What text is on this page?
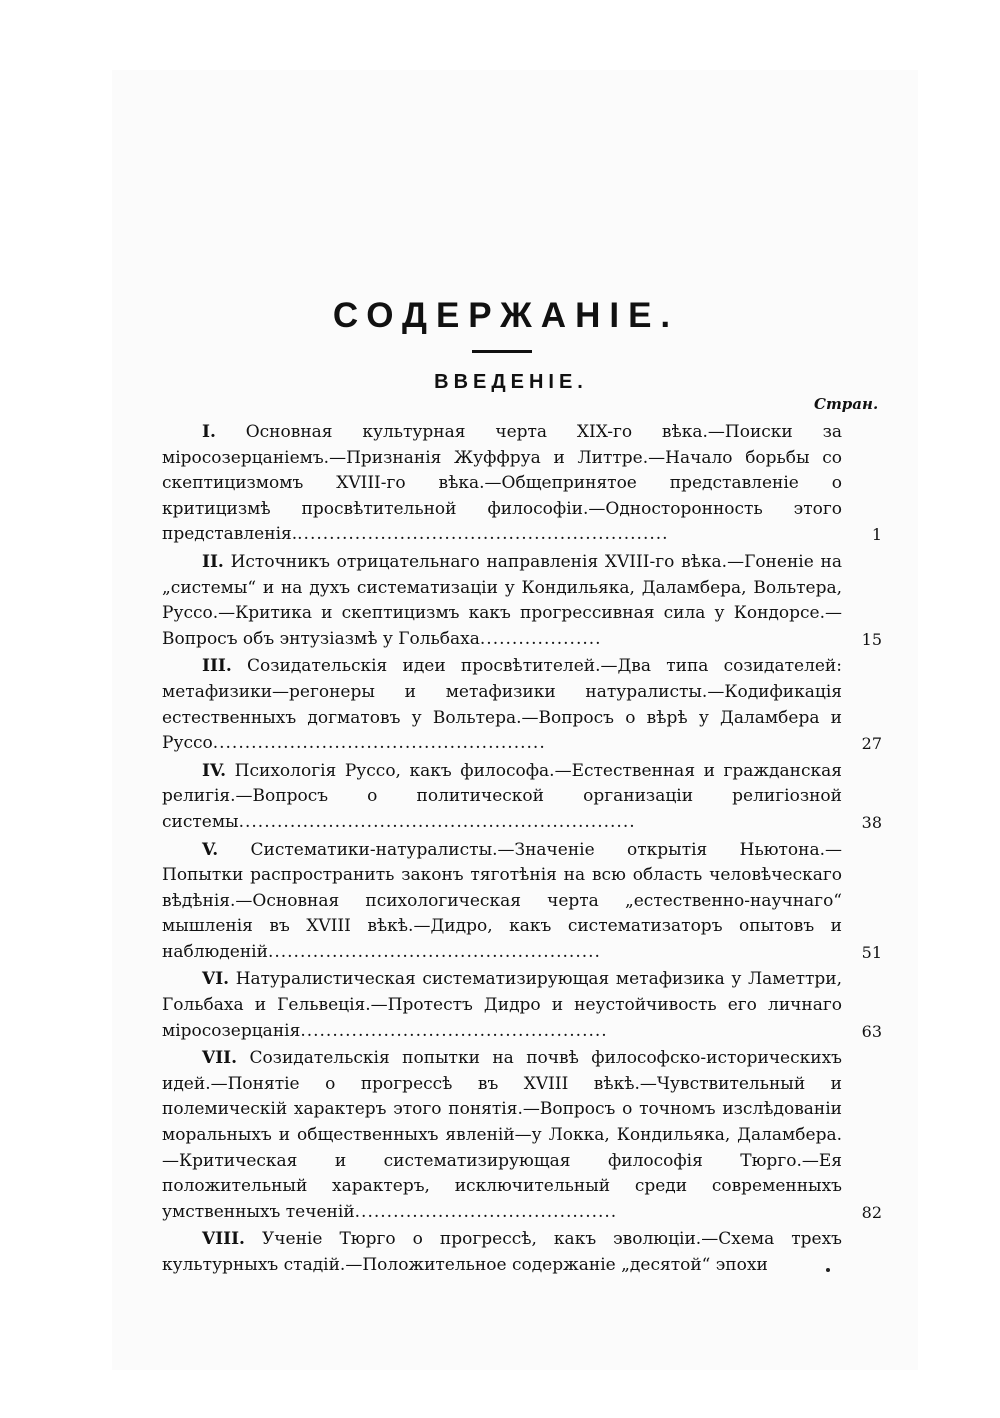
СОДЕРЖАНІЕ.
ВВЕДЕНІЕ.
Стран.

I. Основная культурная черта XIX-го вѣка.—Поиски за міросозерцаніемъ.—Признанія Жуффруа и Литтре.—Начало борьбы со скептицизмомъ XVIII-го вѣка.—Общепринятое представленіе о критицизмѣ просвѣтительной философіи.—Односторонность этого представленія...........................................................	1

II. Источникъ отрицательнаго направленія XVIII-го вѣка.—Гоненіе на „системы“ и на духъ систематизаціи у Кондильяка, Даламбера, Вольтера, Руссо.—Критика и скептицизмъ какъ прогрессивная сила у Кондорсе.—Вопросъ объ энтузіазмѣ у Гольбаха...................	15

III. Созидательскія идеи просвѣтителей.—Два типа созидателей: метафизики—регонеры и метафизики натуралисты.—Кодификація естественныхъ догматовъ у Вольтера.—Вопросъ о вѣрѣ у Даламбера и Руссо....................................................	27

IV. Психологія Руссо, какъ философа.—Естественная и гражданская религія.—Вопросъ о политической организаціи религіозной системы..............................................................	38

V. Систематики-натуралисты.—Значеніе открытія Ньютона.—Попытки распространить законъ тяготѣнія на всю область человѣческаго вѣдѣнія.—Основная психологическая черта „естественно-научнаго“ мышленія въ XVIII вѣкѣ.—Дидро, какъ систематизаторъ опытовъ и наблюденій....................................................	51

VI. Натуралистическая систематизирующая метафизика у Ламеттри, Гольбаха и Гельвеція.—Протестъ Дидро и неустойчивость его личнаго міросозерцанія................................................	63

VII. Созидательскія попытки на почвѣ философско-историческихъ идей.—Понятіе о прогрессѣ въ XVIII вѣкѣ.—Чувствительный и полемическій характеръ этого понятія.—Вопросъ о точномъ изслѣдованіи моральныхъ и общественныхъ явленій—у Локка, Кондильяка, Даламбера.—Критическая и систематизирующая философія Тюрго.—Ея положительный характеръ, исключительный среди современныхъ умственныхъ теченій.........................................	82

VIII. Ученіе Тюрго о прогрессѣ, какъ эволюціи.—Схема трехъ культурныхъ стадій.—Положительное содержаніе „десятой“ эпохи
